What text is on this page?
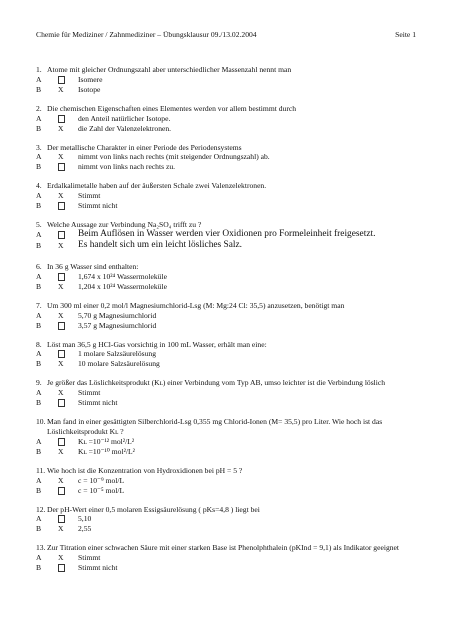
Chemie für Mediziner / Zahnmediziner – Übungsklausur 09./13.02.2004	Seite 1
1. Atome mit gleicher Ordnungszahl aber unterschiedlicher Massenzahl nennt man
A	Isomere
B	X	Isotope
2. Die chemischen Eigenschaften eines Elementes werden vor allem bestimmt durch
A	den Anteil natürlicher Isotope.
B	X	die Zahl der Valenzelektronen.
3. Der metallische Charakter in einer Periode des Periodensystems
A	X	nimmt von links nach rechts (mit steigender Ordnungszahl) ab.
B	nimmt von links nach rechts zu.
4. Erdalkalimetalle haben auf der äußersten Schale zwei Valenzelektronen.
A	X	Stimmt
B	Stimmt nicht
5. Welche Aussage zur Verbindung Na₂SO₄ trifft zu ?
A	Beim Auflösen in Wasser werden vier Oxidionen pro Formeleinheit freigesetzt.
B	X	Es handelt sich um ein leicht lösliches Salz.
6. In 36 g Wasser sind enthalten:
A	1,674 x 10²⁴ Wassermoleküle
B	X	1,204 x 10²⁴ Wassermoleküle
7. Um 300 ml einer 0,2 mol/l Magnesiumchlorid-Lsg (M: Mg:24 Cl: 35,5) anzusetzen, benötigt man
A	X	5,70 g Magnesiumchlorid
B	3,57 g Magnesiumchlorid
8. Löst man 36,5 g HCl-Gas vorsichtig in 100 mL Wasser, erhält man eine:
A	1 molare Salzsäurelösung
B	X	10 molare Salzsäurelösung
9. Je größer das Löslichkeitsprodukt (Kʟ) einer Verbindung vom Typ AB, umso leichter ist die Verbindung löslich
A	X	Stimmt
B	Stimmt nicht
10. Man fand in einer gesättigten Silberchlorid-Lsg 0,355 mg Chlorid-Ionen (M= 35,5) pro Liter. Wie hoch ist das Löslichkeitsprodukt Kʟ ?
A	Kʟ =10⁻¹² mol²/L²
B	X	Kʟ =10⁻¹⁰ mol²/L²
11. Wie hoch ist die Konzentration von Hydroxidionen bei pH = 5 ?
A	X	c = 10⁻⁹ mol/L
B	c = 10⁻⁵ mol/L
12. Der pH-Wert einer 0,5 molaren Essigsäurelösung ( pKs=4,8 ) liegt bei
A	5,10
B	X	2,55
13. Zur Titration einer schwachen Säure mit einer starken Base ist Phenolphthalein (pKInd = 9,1) als Indikator geeignet
A	X	Stimmt
B	Stimmt nicht
